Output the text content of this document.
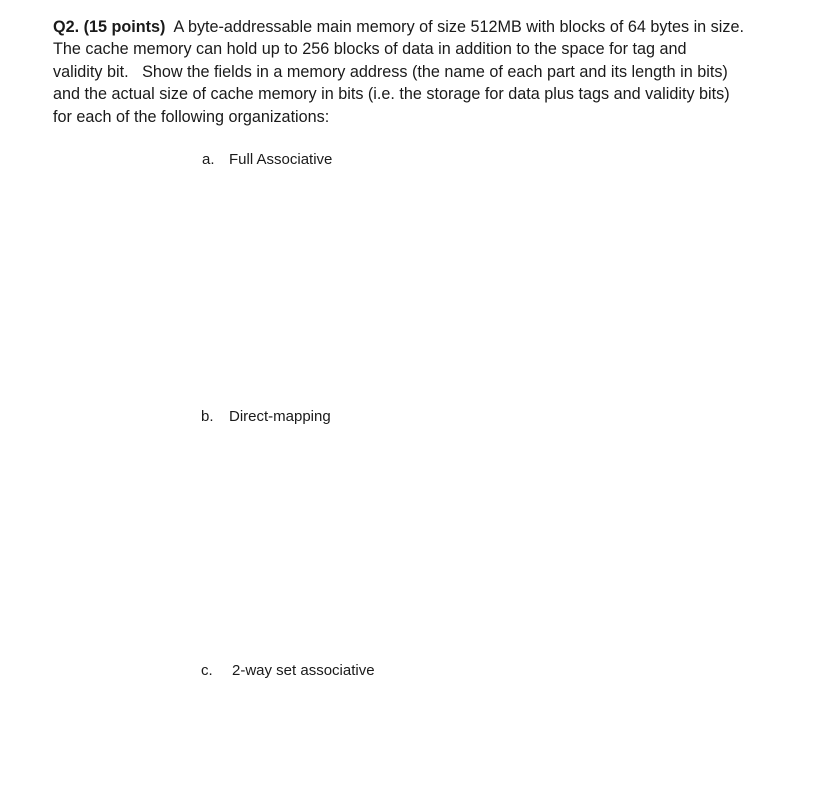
Q2. (15 points) A byte-addressable main memory of size 512MB with blocks of 64 bytes in size.
The cache memory can hold up to 256 blocks of data in addition to the space for tag and
validity bit.   Show the fields in a memory address (the name of each part and its length in bits)
and the actual size of cache memory in bits (i.e. the storage for data plus tags and validity bits)
for each of the following organizations:
a. Full Associative
b. Direct-mapping
c. 2-way set associative
